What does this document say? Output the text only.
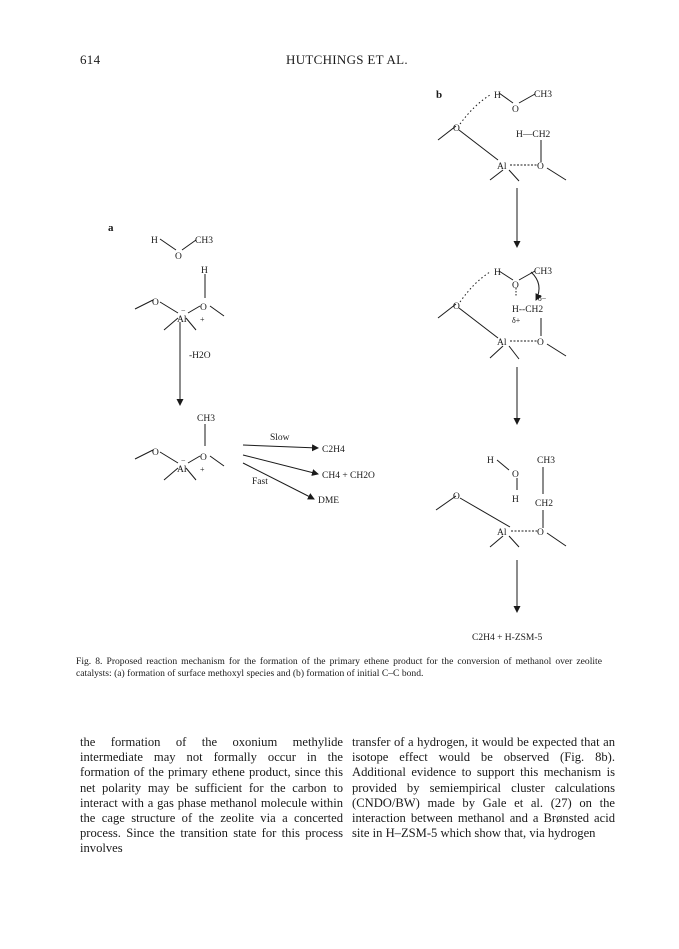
614	HUTCHINGS ET AL.
a
H
O
CH3
H
O
Al
− O
+
-H2O
CH3
O
Al
− O
+
Slow
Fast
C2H4
CH4 + CH2O
DME
b	H
O
CH3
O
H—CH2
Al	O
H
O
CH3
δ−
O	H--CH2
δ+
Al	O
H	CH3
O
H CH2
O
Al	O
C2H4 + H-ZSM-5
Fig. 8. Proposed reaction mechanism for the formation of the primary ethene product for the conversion of methanol over zeolite catalysts: (a) formation of surface methoxyl species and (b) formation of initial C–C bond.
the formation of the oxonium methylide intermediate may not formally occur in the formation of the primary ethene product, since this net polarity may be sufficient for the carbon to interact with a gas phase methanol molecule within the cage structure of the zeolite via a concerted process. Since the transition state for this process involves
transfer of a hydrogen, it would be expected that an isotope effect would be observed (Fig. 8b). Additional evidence to support this mechanism is provided by semiempirical cluster calculations (CNDO/BW) made by Gale et al. (27) on the interaction between methanol and a Brønsted acid site in H–ZSM-5 which show that, via hydrogen
